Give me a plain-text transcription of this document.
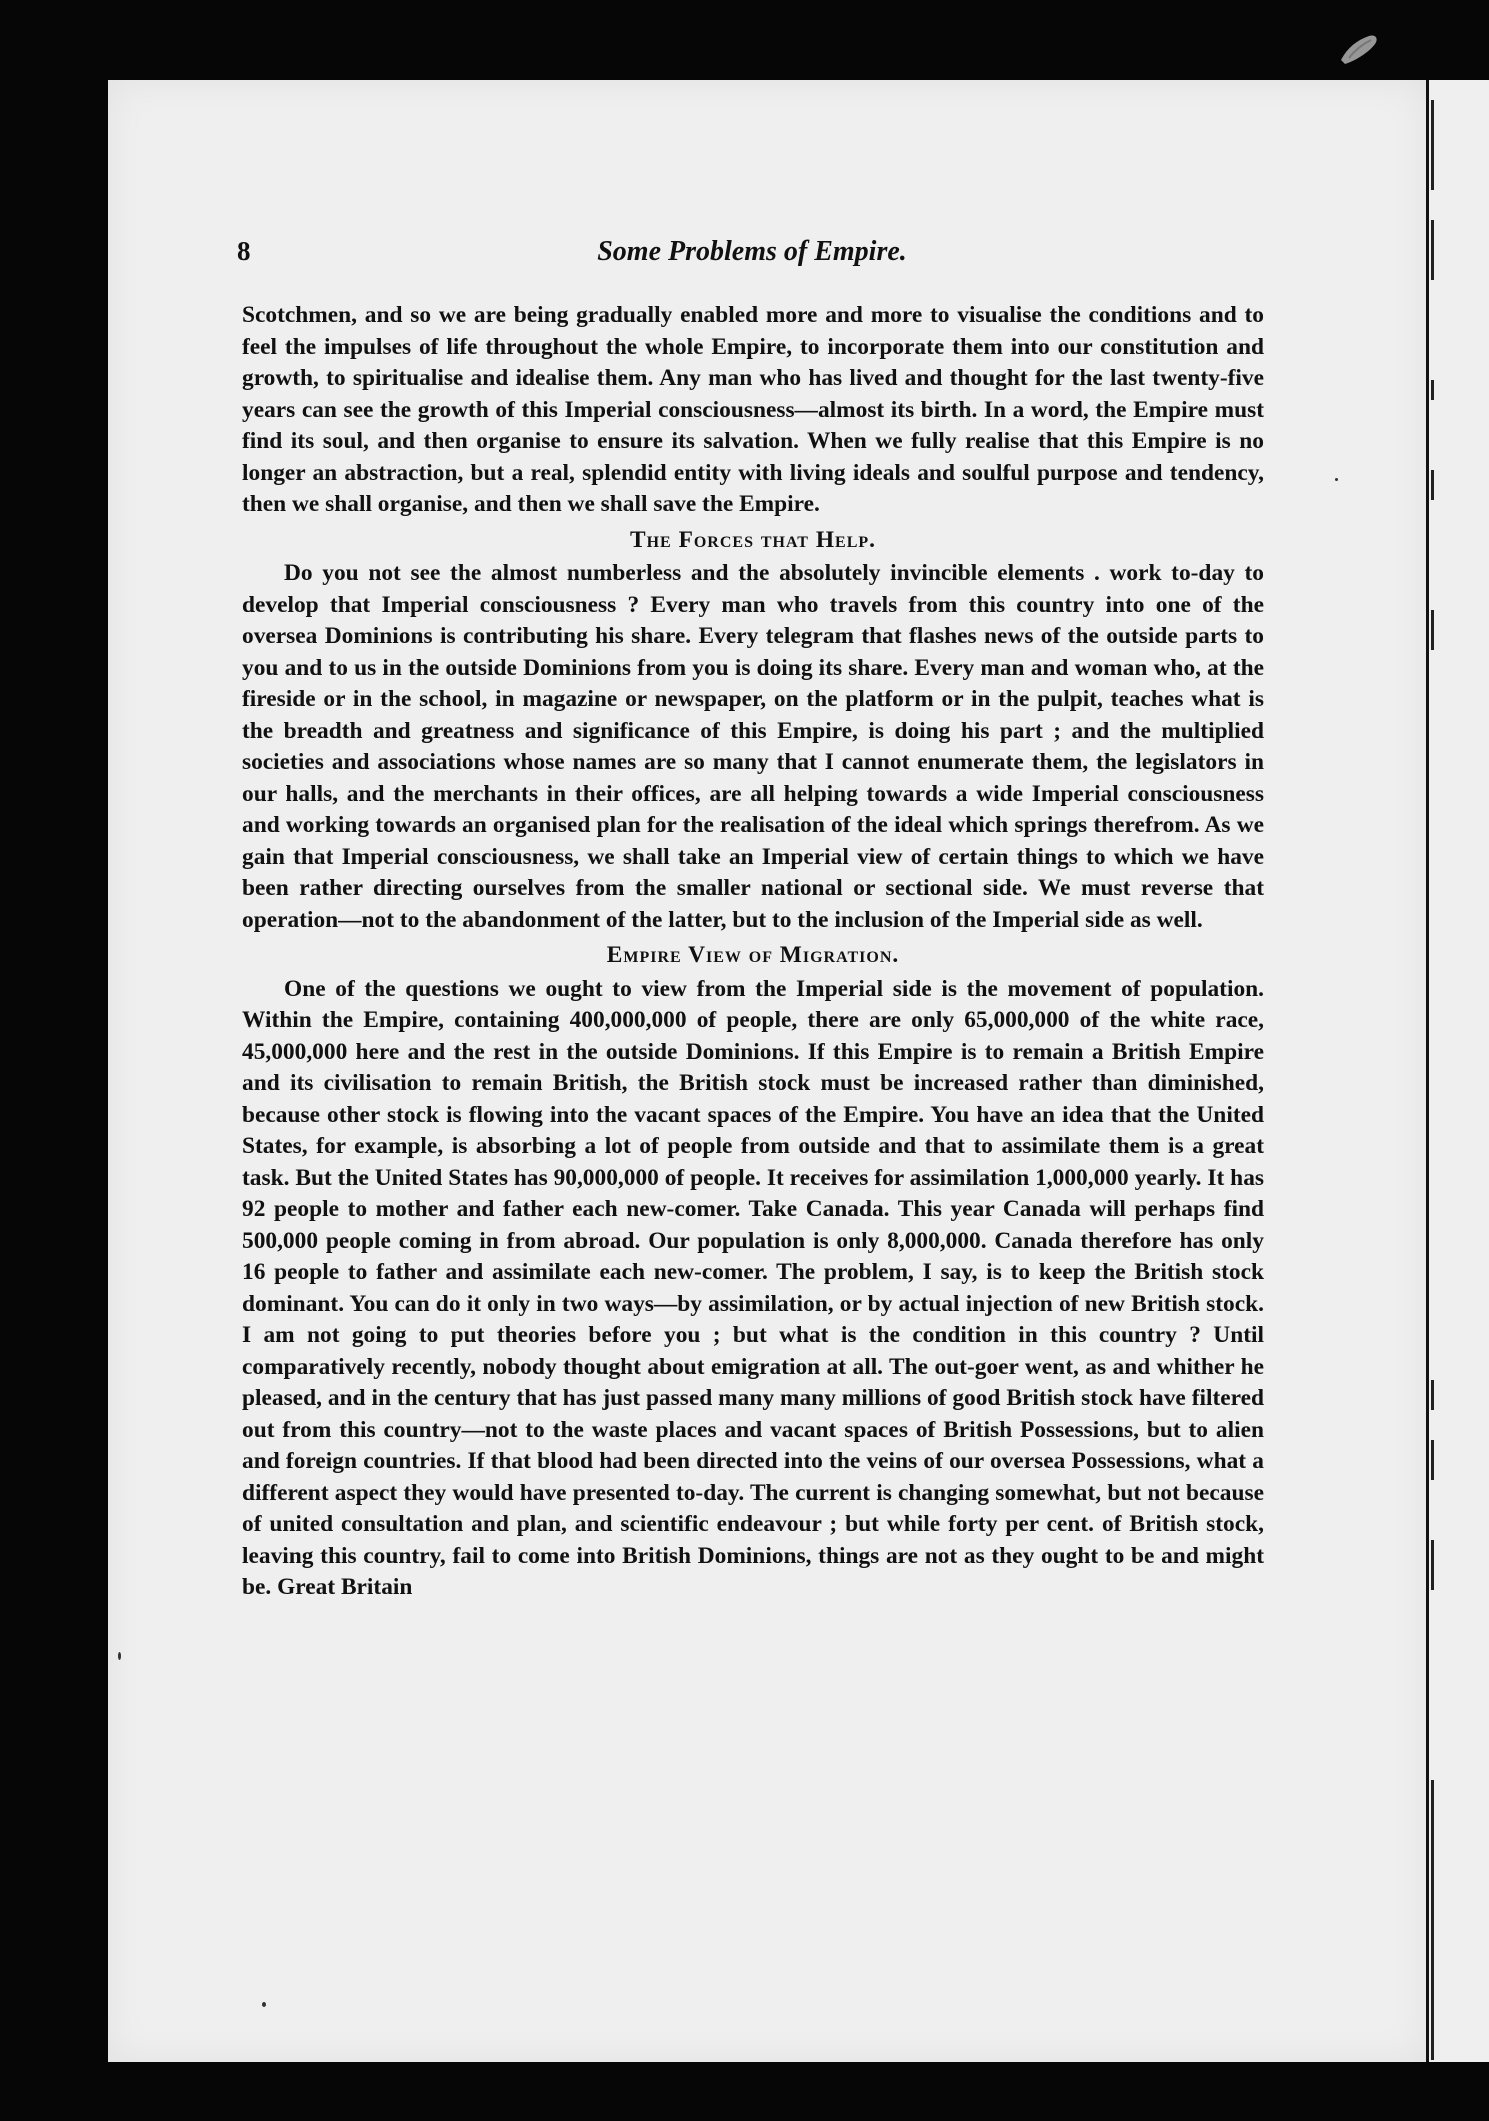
8	Some Problems of Empire.

Scotchmen, and so we are being gradually enabled more and more to visualise the conditions and to feel the impulses of life throughout the whole Empire, to incorporate them into our constitution and growth, to spiritualise and idealise them. Any man who has lived and thought for the last twenty-five years can see the growth of this Imperial consciousness—almost its birth. In a word, the Empire must find its soul, and then organise to ensure its salvation. When we fully realise that this Empire is no longer an abstraction, but a real, splendid entity with living ideals and soulful purpose and tendency, then we shall organise, and then we shall save the Empire.

The Forces that Help.

Do you not see the almost numberless and the absolutely invincible elements . work to-day to develop that Imperial consciousness ? Every man who travels from this country into one of the oversea Dominions is contributing his share. Every telegram that flashes news of the outside parts to you and to us in the outside Dominions from you is doing its share. Every man and woman who, at the fireside or in the school, in magazine or newspaper, on the platform or in the pulpit, teaches what is the breadth and greatness and significance of this Empire, is doing his part ; and the multiplied societies and associations whose names are so many that I cannot enumerate them, the legislators in our halls, and the merchants in their offices, are all helping towards a wide Imperial consciousness and working towards an organised plan for the realisation of the ideal which springs therefrom. As we gain that Imperial consciousness, we shall take an Imperial view of certain things to which we have been rather directing ourselves from the smaller national or sectional side. We must reverse that operation—not to the abandonment of the latter, but to the inclusion of the Imperial side as well.

Empire View of Migration.

One of the questions we ought to view from the Imperial side is the movement of population. Within the Empire, containing 400,000,000 of people, there are only 65,000,000 of the white race, 45,000,000 here and the rest in the outside Dominions. If this Empire is to remain a British Empire and its civilisation to remain British, the British stock must be increased rather than diminished, because other stock is flowing into the vacant spaces of the Empire. You have an idea that the United States, for example, is absorbing a lot of people from outside and that to assimilate them is a great task. But the United States has 90,000,000 of people. It receives for assimilation 1,000,000 yearly. It has 92 people to mother and father each new-comer. Take Canada. This year Canada will perhaps find 500,000 people coming in from abroad. Our population is only 8,000,000. Canada therefore has only 16 people to father and assimilate each new-comer. The problem, I say, is to keep the British stock dominant. You can do it only in two ways—by assimilation, or by actual injection of new British stock. I am not going to put theories before you ; but what is the condition in this country ? Until comparatively recently, nobody thought about emigration at all. The out-goer went, as and whither he pleased, and in the century that has just passed many many millions of good British stock have filtered out from this country—not to the waste places and vacant spaces of British Possessions, but to alien and foreign countries. If that blood had been directed into the veins of our oversea Possessions, what a different aspect they would have presented to-day. The current is changing somewhat, but not because of united consultation and plan, and scientific endeavour ; but while forty per cent. of British stock, leaving this country, fail to come into British Dominions, things are not as they ought to be and might be. Great Britain
